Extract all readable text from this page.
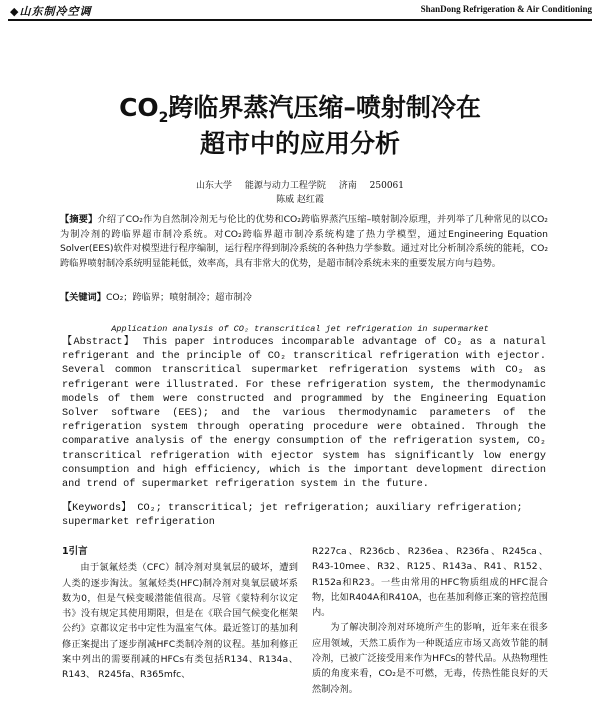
◆山东制冷空调	ShanDong Refrigeration & Air Conditioning
$CO_2$跨临界蒸汽压缩–喷射制冷在
超市中的应用分析
山东大学 能源与动力工程学院 济南 250061
陈威 赵红霞
【摘要】介绍了CO₂作为自然制冷剂无与伦比的优势和CO₂跨临界蒸汽压缩–喷射制冷原理，并列举了几种常见的以CO₂为制冷剂的跨临界超市制冷系统。对CO₂跨临界超市制冷系统构建了热力学模型，通过Engineering Equation Solver(EES)软件对模型进行程序编制，运行程序得到制冷系统的各种热力学参数。通过对比分析制冷系统的能耗，CO₂跨临界喷射制冷系统明显能耗低，效率高，具有非常大的优势，是超市制冷系统未来的重要发展方向与趋势。
【关键词】CO₂；跨临界；喷射制冷；超市制冷
Application analysis of CO₂ transcritical jet refrigeration in supermarket
【Abstract】 This paper introduces incomparable advantage of CO₂ as a natural refrigerant and the principle of CO₂ transcritical refrigeration with ejector. Several common transcritical supermarket refrigeration systems with CO₂ as refrigerant were illustrated. For these refrigeration system, the thermodynamic models of them were constructed and programmed by the Engineering Equation Solver software (EES); and the various thermodynamic parameters of the refrigeration system through operating procedure were obtained. Through the comparative analysis of the energy consumption of the refrigeration system, CO₂ transcritical refrigeration with ejector system has significantly low energy consumption and high efficiency, which is the important development direction and trend of supermarket refrigeration system in the future.
【Keywords】 CO₂; transcritical; jet refrigeration; auxiliary refrigeration; supermarket refrigeration
1引言

由于氯氟烃类（CFC）制冷剂对臭氧层的破坏，遭到人类的逐步淘汰。氢氟烃类(HFC)制冷剂对臭氧层破坏系数为0，但是气候变暖潜能值很高。尽管《蒙特利尔议定书》没有规定其使用期限，但是在《联合国气候变化框架公约》京都议定书中定性为温室气体。最近签订的基加利修正案提出了逐步削减HFC类制冷剂的议程。基加利修正案中列出的需要削减的HFCs有类包括R134、R134a、R143、 R245fa、R365mfc、

R227ca、R236cb、R236ea、R236fa、R245ca、R43-10mee、R32、R125、R143a、R41、R152、R152a和R23。一些由常用的HFC物质组成的HFC混合物，比如R404A和R410A，也在基加利修正案的管控范围内。

为了解决制冷剂对环境所产生的影响，近年来在很多应用领域，天然工质作为一种既适应市场又高效节能的制冷剂，已被广泛接受用来作为HFCs的替代品。从热物理性质的角度来看，CO₂是不可燃，无毒，传热性能良好的天然制冷剂。
